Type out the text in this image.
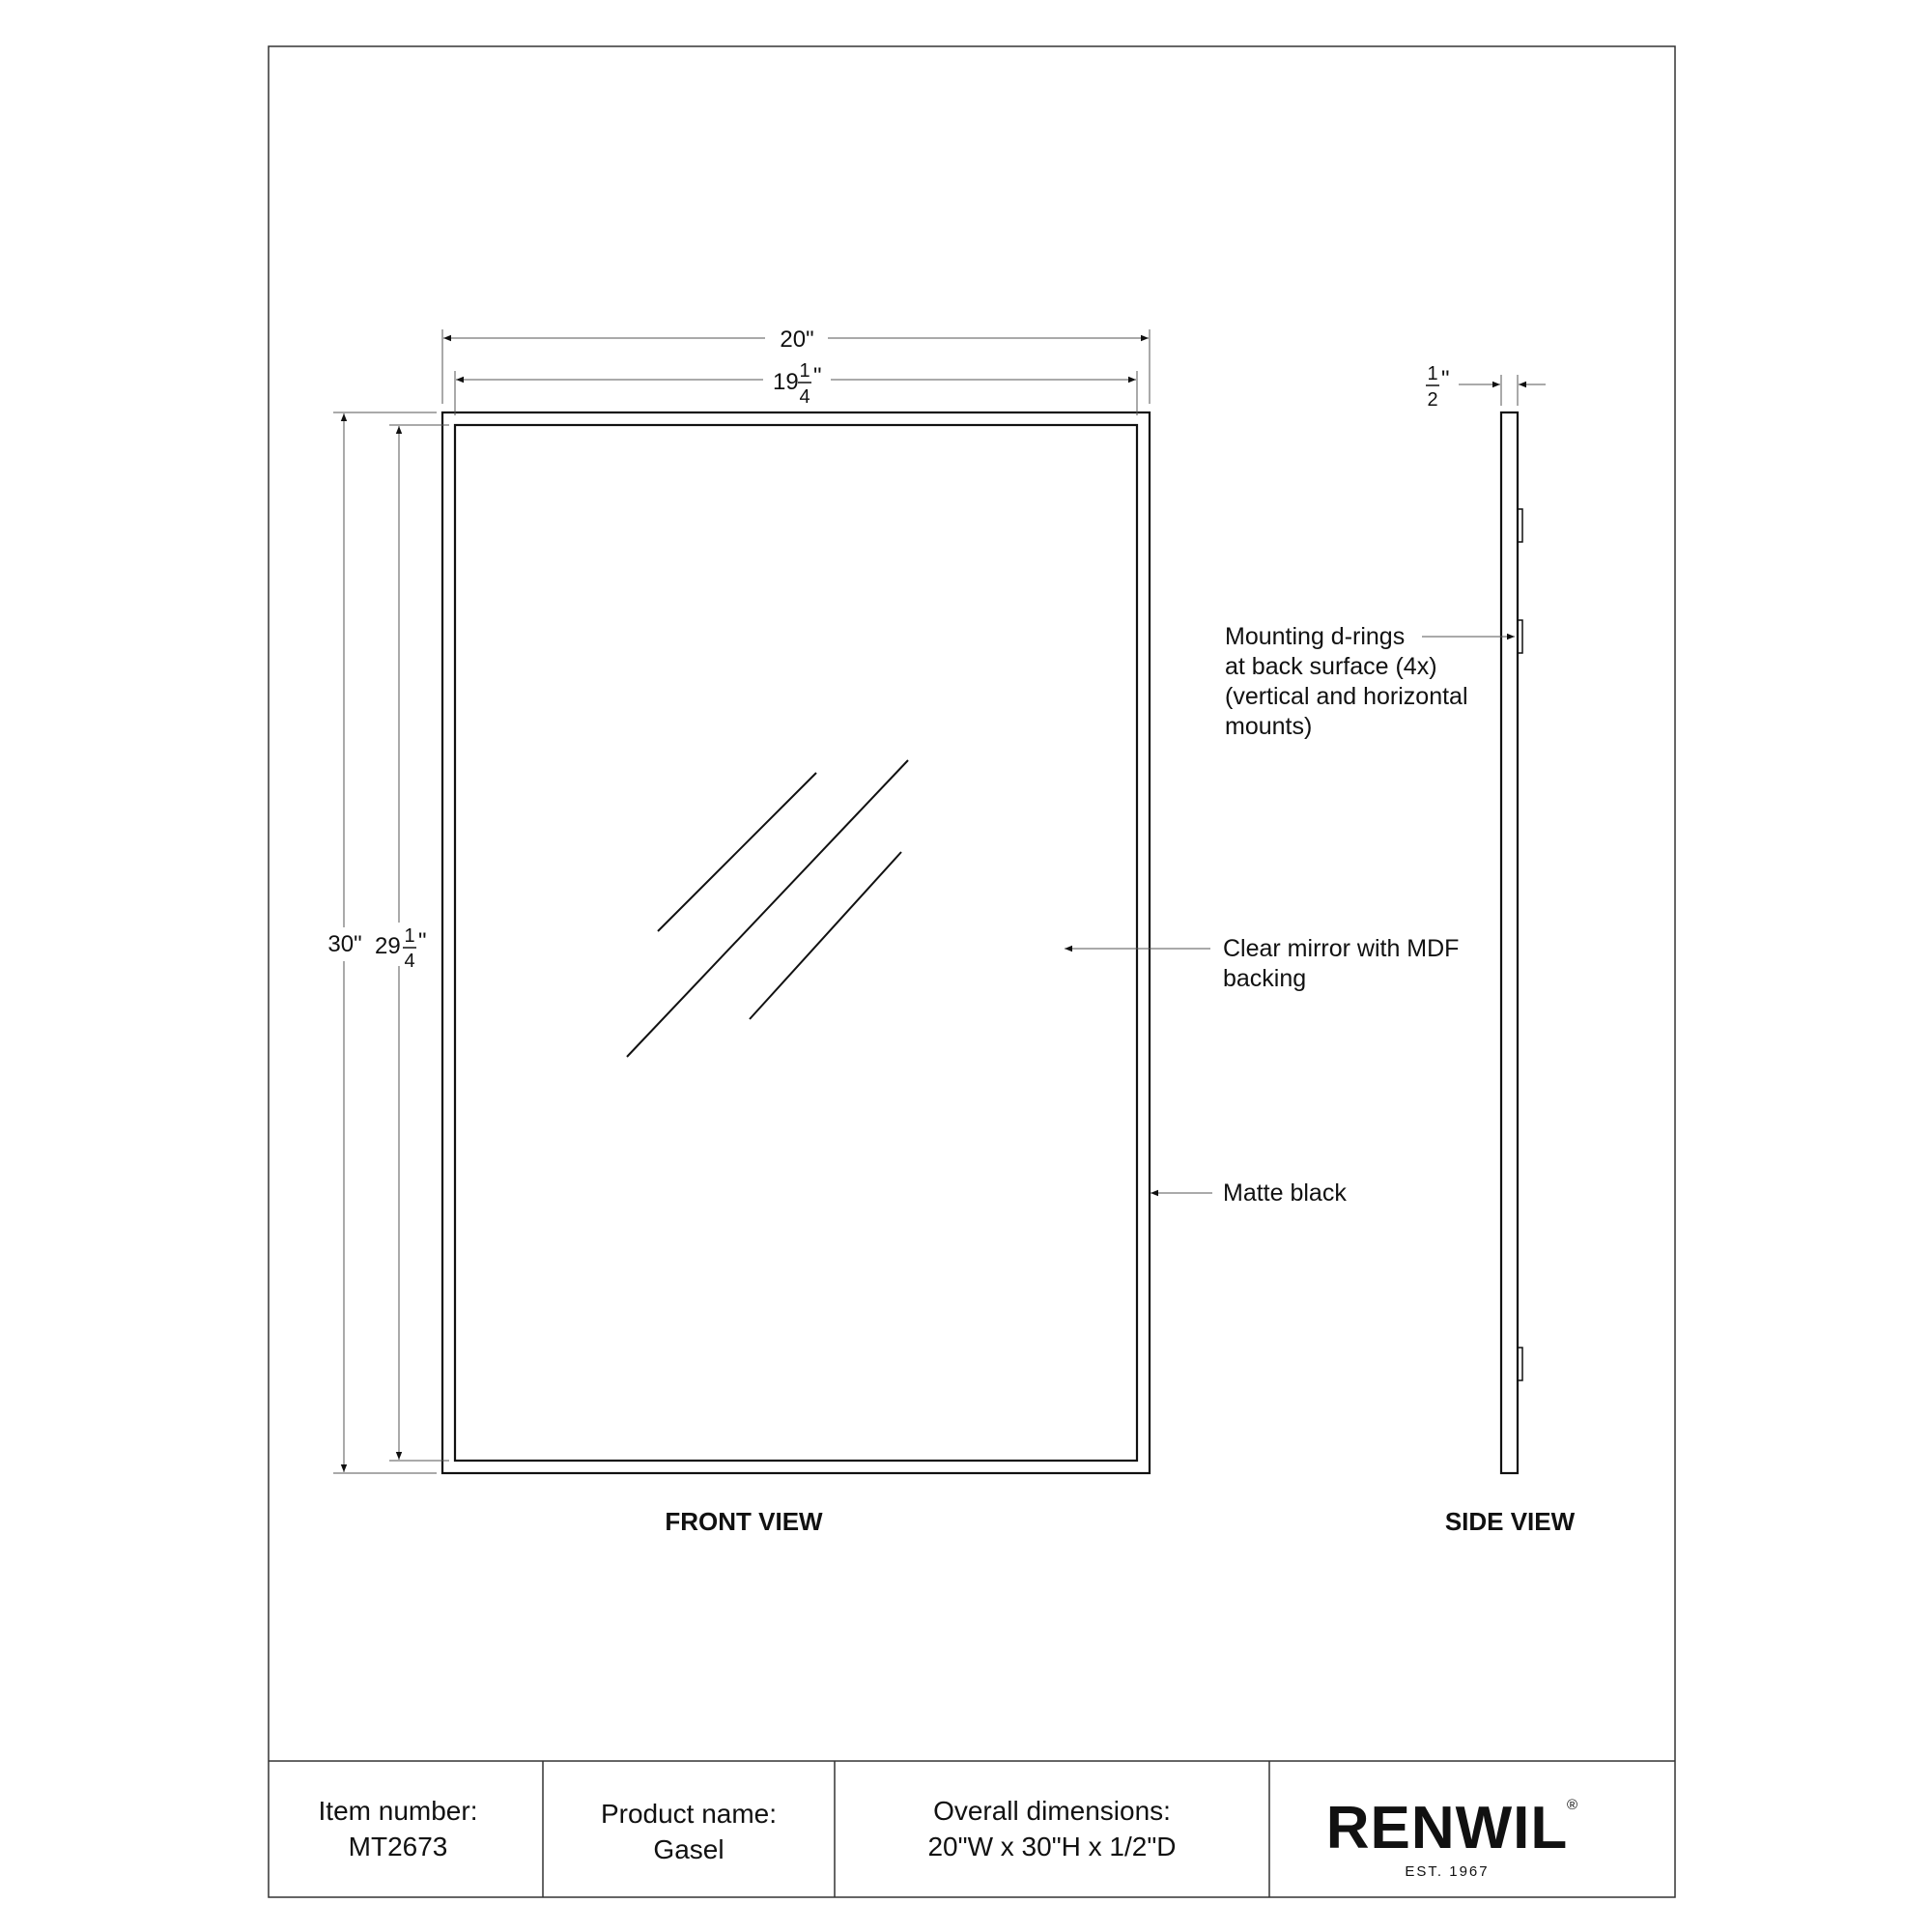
20"
19 1
4
"
30" 29 1
4
"
FRONT VIEW
1
2
"
SIDE VIEW
Mounting d-rings
at back surface (4x)
(vertical and horizontal
mounts)
Clear mirror with MDF
backing
Matte black
Item number:
MT2673
Product name:
Gasel
Overall dimensions:
20"W x 30"H x 1/2"D	RENWIL
®
EST. 1967
